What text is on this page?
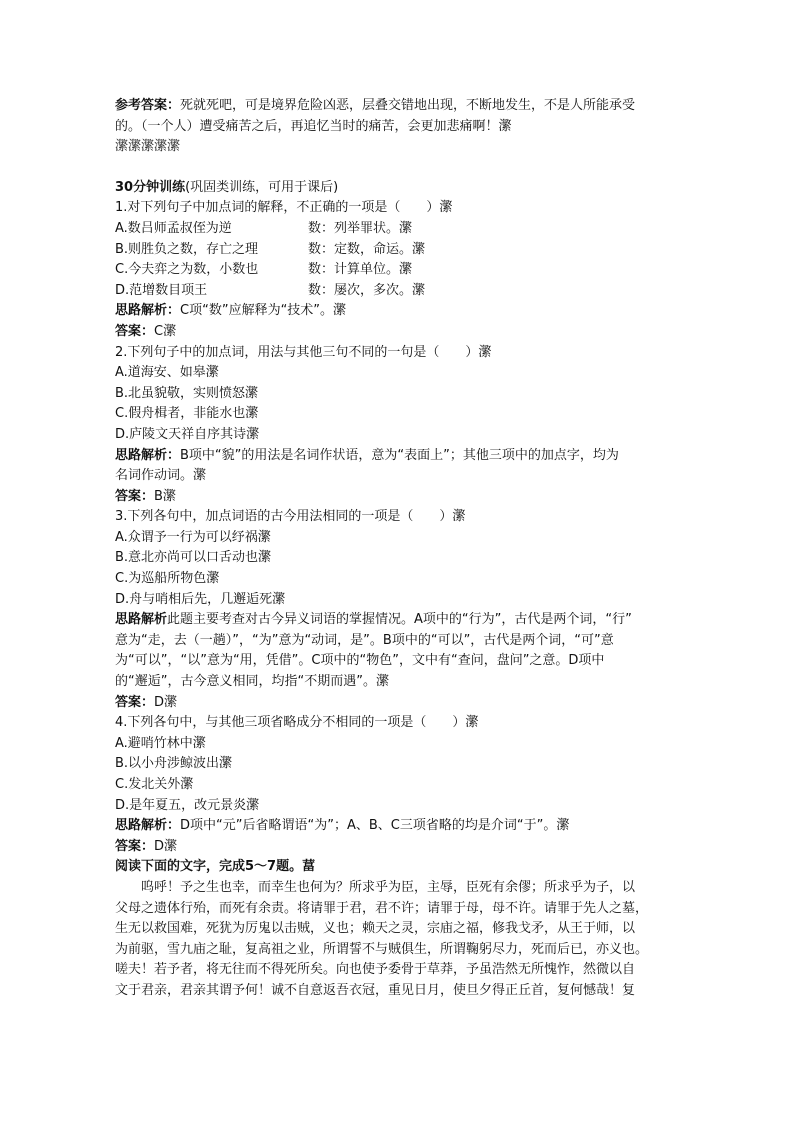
参考答案：死就死吧，可是境界危险凶恶，层叠交错地出现，不断地发生，不是人所能承受
的。（一个人）遭受痛苦之后，再追忆当时的痛苦，会更加悲痛啊！瀿
瀿瀿瀿瀿瀿
30分钟训练(巩固类训练，可用于课后)
1.对下列句子中加点词的解释，不正确的一项是（　　）瀿
A.数吕师孟叔侄为逆	数：列举罪状。瀿
B.则胜负之数，存亡之理	数：定数，命运。瀿
C.今夫弈之为数，小数也	数：计算单位。瀿
D.范增数目项王	数：屡次，多次。瀿
思路解析：C项“数”应解释为“技术”。瀿
答案：C瀿
2.下列句子中的加点词，用法与其他三句不同的一句是（　　）瀿
A.道海安、如皋瀿
B.北虽貌敬，实则愤怒瀿
C.假舟楫者，非能水也瀿
D.庐陵文天祥自序其诗瀿
思路解析：B项中“貌”的用法是名词作状语，意为“表面上”；其他三项中的加点字，均为
名词作动词。瀿
答案：B瀿
3.下列各句中，加点词语的古今用法相同的一项是（　　）瀿
A.众谓予一行为可以纾祸瀿
B.意北亦尚可以口舌动也瀿
C.为巡船所物色瀿
D.舟与哨相后先，几邂逅死瀿
思路解析此题主要考查对古今异义词语的掌握情况。A项中的“行为”，古代是两个词，“行”
意为“走，去（一趟）”，“为”意为“动词，是”。B项中的“可以”，古代是两个词，“可”意
为“可以”，“以”意为“用，凭借”。C项中的“物色”，文中有“查问，盘问”之意。D项中
的“邂逅”，古今意义相同，均指“不期而遇”。瀿
答案：D瀿
4.下列各句中，与其他三项省略成分不相同的一项是（　　）瀿
A.避哨竹林中瀿
B.以小舟涉鲸波出瀿
C.发北关外瀿
D.是年夏五，改元景炎瀿
思路解析：D项中“元”后省略谓语“为”；A、B、C三项省略的均是介词“于”。瀿
答案：D瀿
阅读下面的文字，完成5～7题。葍
呜呼！予之生也幸，而幸生也何为？所求乎为臣，主辱，臣死有余僇；所求乎为子，以
父母之遗体行殆，而死有余责。将请罪于君，君不许；请罪于母，母不许。请罪于先人之墓，
生无以救国难，死犹为厉鬼以击贼，义也；赖天之灵，宗庙之福，修我戈矛，从王于师，以
为前驱，雪九庙之耻，复高祖之业，所谓誓不与贼俱生，所谓鞠躬尽力，死而后已，亦义也。
嗟夫！若予者，将无往而不得死所矣。向也使予委骨于草莽，予虽浩然无所愧怍，然微以自
文于君亲，君亲其谓予何！诚不自意返吾衣冠，重见日月，使旦夕得正丘首，复何憾哉！复
